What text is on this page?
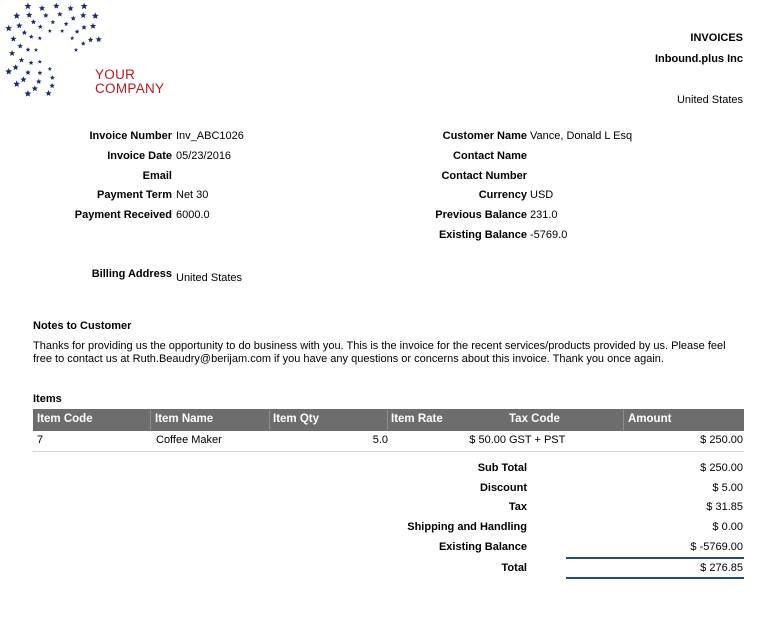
YOUR
COMPANY
INVOICES
Inbound.plus Inc
United States
Invoice Number Inv_ABC1026
Invoice Date 05/23/2016
Email
Payment Term Net 30
Payment Received 6000.0
Customer Name Vance, Donald L Esq
Contact Name
Contact Number
Currency USD
Previous Balance 231.0
Existing Balance -5769.0
Billing Address United States
Notes to Customer
Thanks for providing us the opportunity to do business with you. This is the invoice for the recent services/products provided by us. Please feel
free to contact us at Ruth.Beaudry@berijam.com if you have any questions or concerns about this invoice. Thank you once again.
Items
Item Code	Item Name	Item Qty	Item Rate	Tax Code	Amount
7	Coffee Maker	5.0	$ 50.00 GST + PST	$ 250.00
Sub Total	$ 250.00
Discount	$ 5.00
Tax	$ 31.85
Shipping and Handling	$ 0.00
Existing Balance	$ -5769.00
Total	$ 276.85
